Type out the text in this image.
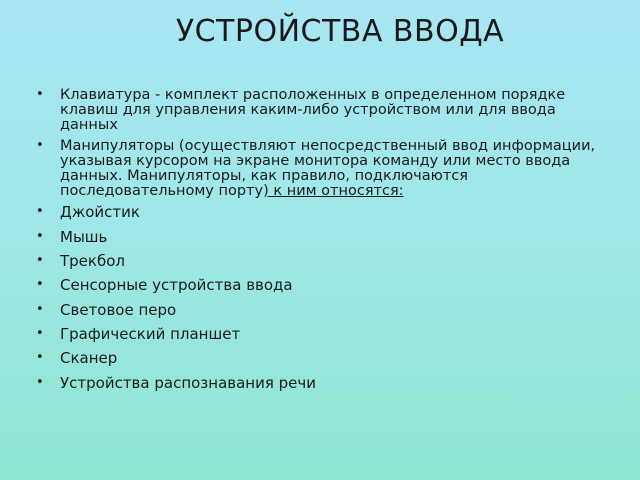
УСТРОЙСТВА ВВОДА
• Клавиатура - комплект расположенных в определенном порядке клавиш для управления каким-либо устройством или для ввода данных
• Манипуляторы (осуществляют непосредственный ввод информации, указывая курсором на экране монитора команду или место ввода данных. Манипуляторы, как правило, подключаются последовательному порту) к ним относятся:
• Джойстик
• Мышь
• Трекбол
• Сенсорные устройства ввода
• Световое перо
• Графический планшет
• Сканер
• Устройства распознавания речи
